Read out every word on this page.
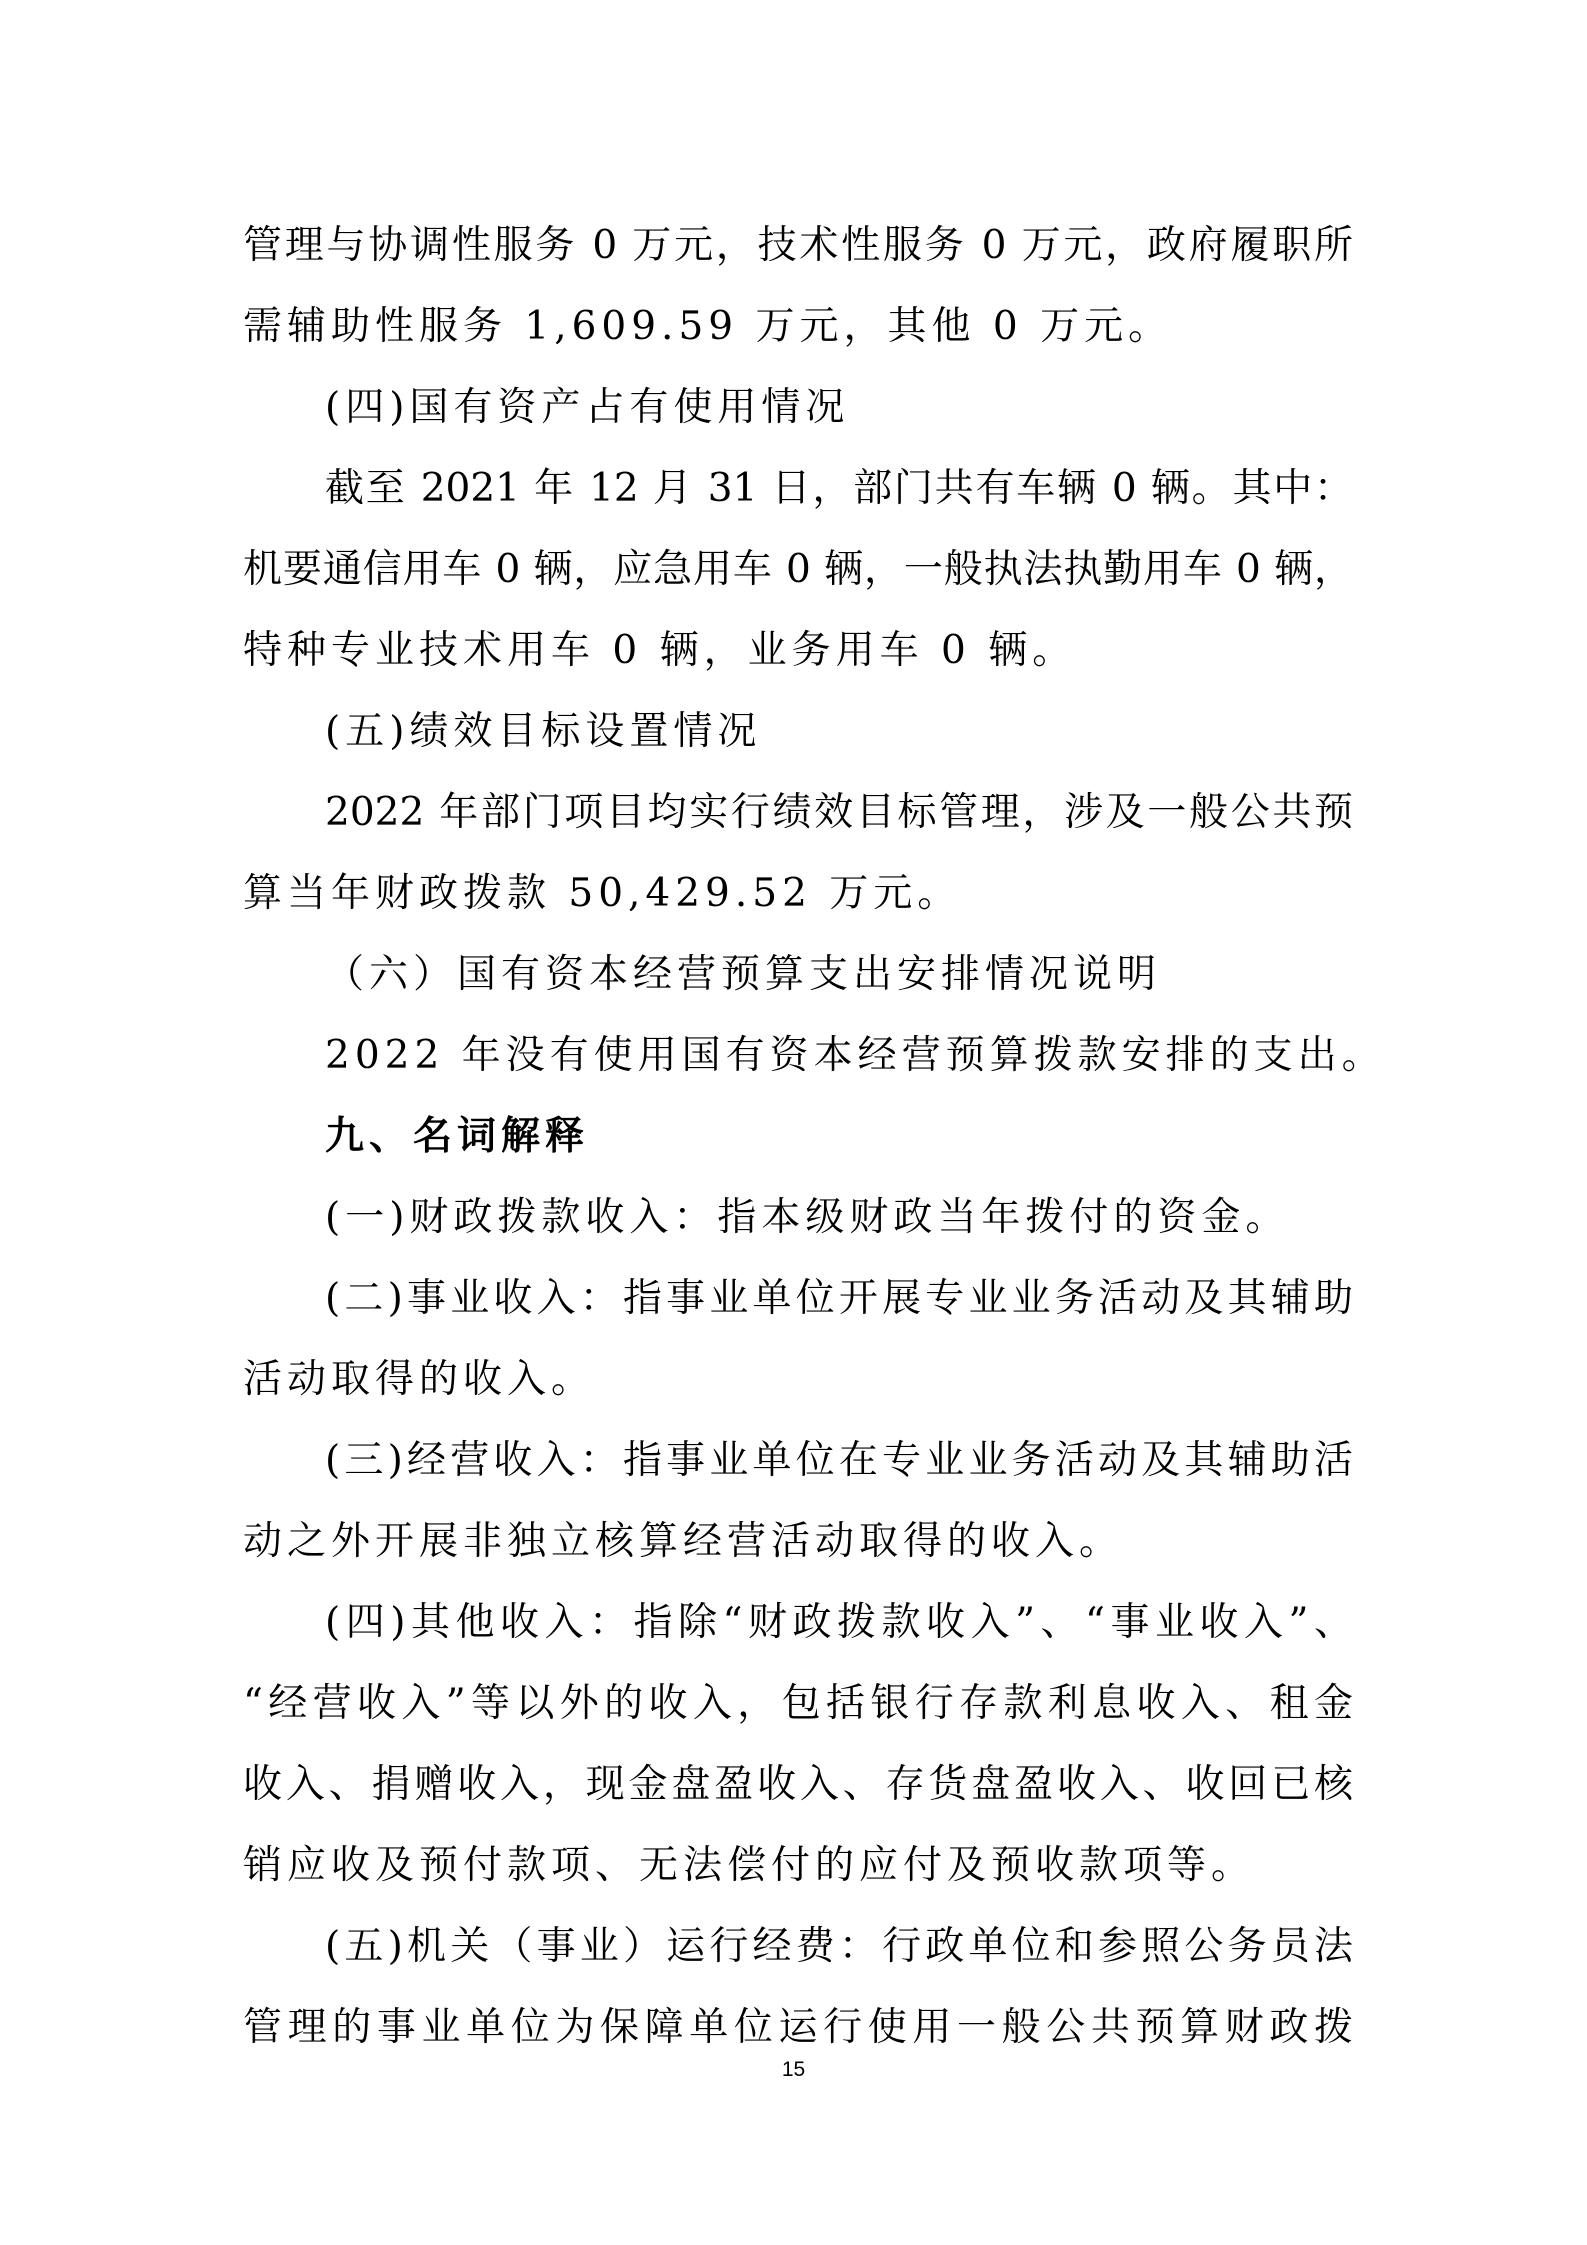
管理与协调性服务 0 万元，技术性服务 0 万元，政府履职所
需辅助性服务 1,609.59 万元，其他 0 万元。
(四)国有资产占有使用情况
截至 2021 年 12 月 31 日，部门共有车辆 0 辆。其中：
机要通信用车 0 辆，应急用车 0 辆，一般执法执勤用车 0 辆，
特种专业技术用车 0 辆，业务用车 0 辆。
(五)绩效目标设置情况
2022 年部门项目均实行绩效目标管理，涉及一般公共预
算当年财政拨款 50,429.52 万元。
（六）国有资本经营预算支出安排情况说明
2022 年没有使用国有资本经营预算拨款安排的支出。
九、名词解释
(一)财政拨款收入：指本级财政当年拨付的资金。
(二)事业收入：指事业单位开展专业业务活动及其辅助
活动取得的收入。
(三)经营收入：指事业单位在专业业务活动及其辅助活
动之外开展非独立核算经营活动取得的收入。
(四)其他收入：指除“财政拨款收入”、“事业收入”、
“经营收入”等以外的收入，包括银行存款利息收入、租金
收入、捐赠收入，现金盘盈收入、存货盘盈收入、收回已核
销应收及预付款项、无法偿付的应付及预收款项等。
(五)机关（事业）运行经费：行政单位和参照公务员法
管理的事业单位为保障单位运行使用一般公共预算财政拨
15
